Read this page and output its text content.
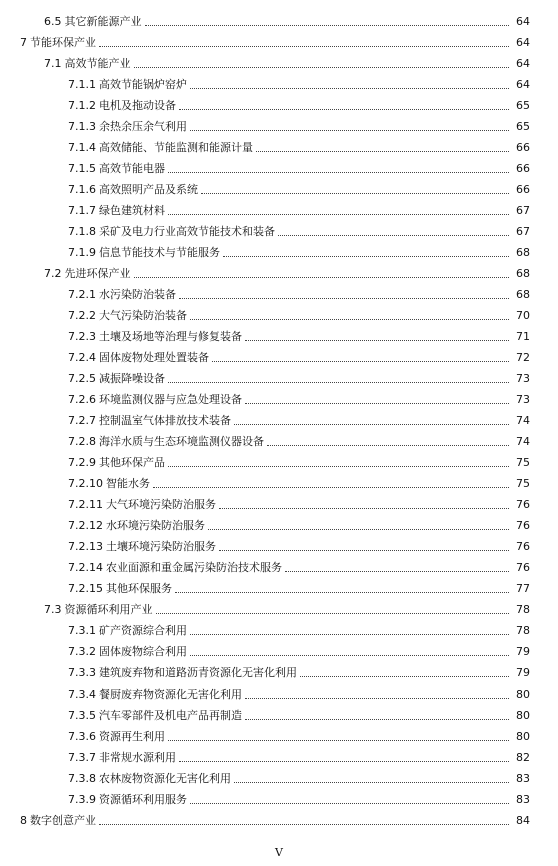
6.5 其它新能源产业	64
7 节能环保产业	64
7.1 高效节能产业	64
7.1.1 高效节能锅炉窑炉	64
7.1.2 电机及拖动设备	65
7.1.3 余热余压余气利用	65
7.1.4 高效储能、节能监测和能源计量	66
7.1.5 高效节能电器	66
7.1.6 高效照明产品及系统	66
7.1.7 绿色建筑材料	67
7.1.8 采矿及电力行业高效节能技术和装备	67
7.1.9 信息节能技术与节能服务	68
7.2 先进环保产业	68
7.2.1 水污染防治装备	68
7.2.2 大气污染防治装备	70
7.2.3 土壤及场地等治理与修复装备	71
7.2.4 固体废物处理处置装备	72
7.2.5 减振降噪设备	73
7.2.6 环境监测仪器与应急处理设备	73
7.2.7 控制温室气体排放技术装备	74
7.2.8 海洋水质与生态环境监测仪器设备	74
7.2.9 其他环保产品	75
7.2.10 智能水务	75
7.2.11 大气环境污染防治服务	76
7.2.12 水环境污染防治服务	76
7.2.13 土壤环境污染防治服务	76
7.2.14 农业面源和重金属污染防治技术服务	76
7.2.15 其他环保服务	77
7.3 资源循环利用产业	78
7.3.1 矿产资源综合利用	78
7.3.2 固体废物综合利用	79
7.3.3 建筑废弃物和道路沥青资源化无害化利用	79
7.3.4 餐厨废弃物资源化无害化利用	80
7.3.5 汽车零部件及机电产品再制造	80
7.3.6 资源再生利用	80
7.3.7 非常规水源利用	82
7.3.8 农林废物资源化无害化利用	83
7.3.9 资源循环利用服务	83
8 数字创意产业	84
V
